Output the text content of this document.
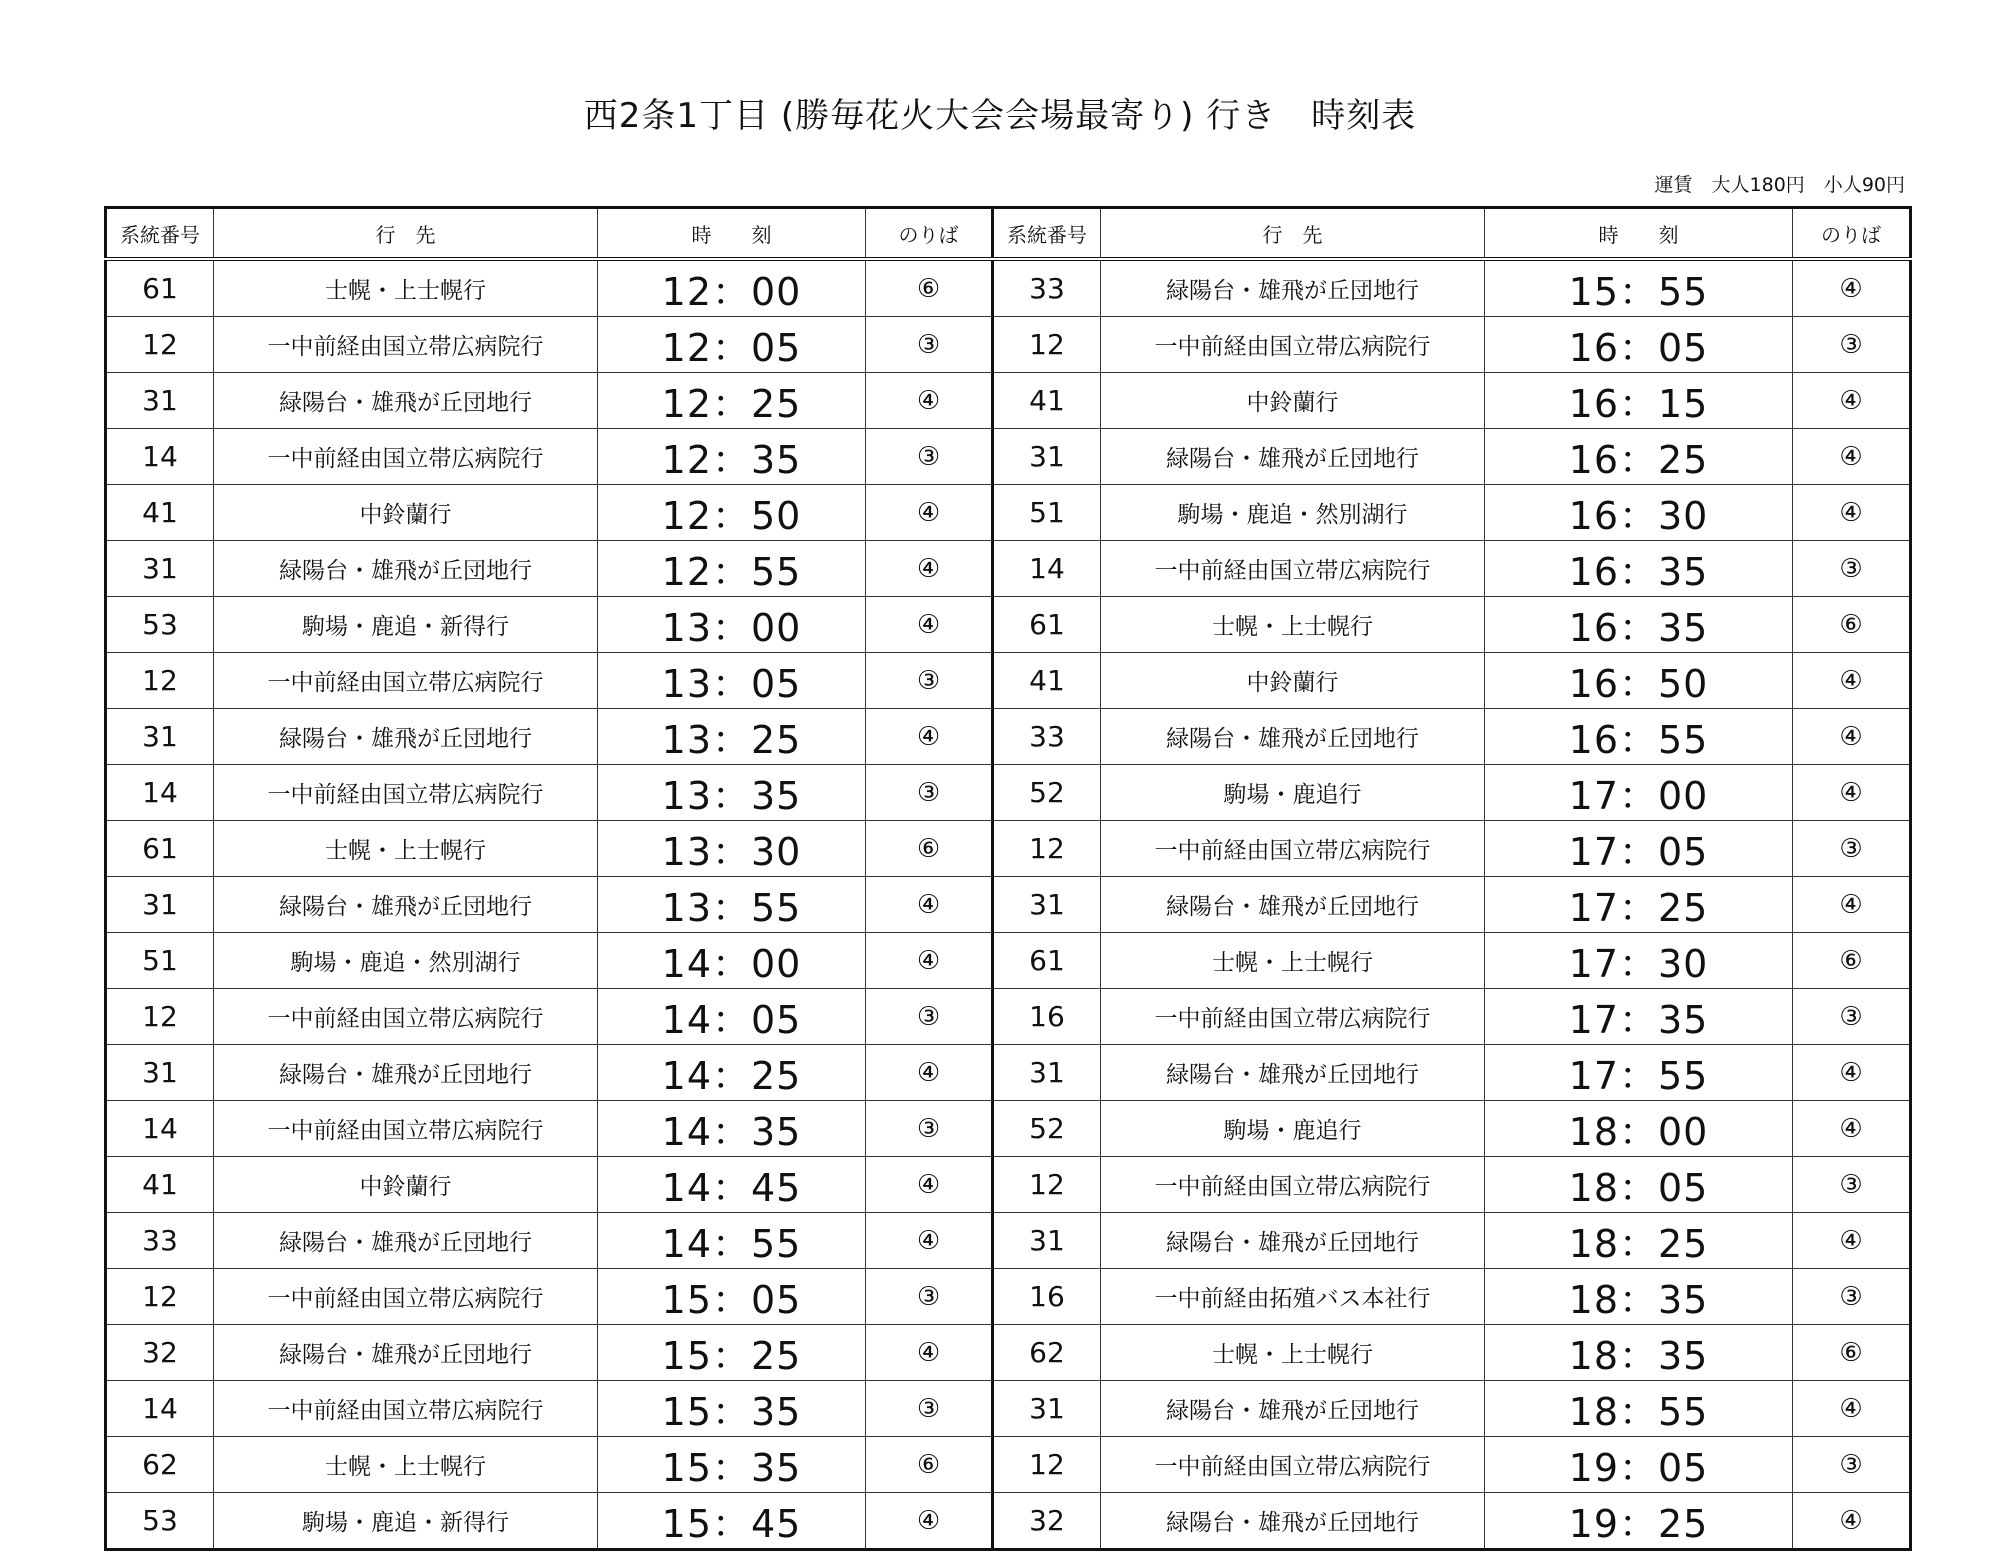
西2条1丁目 (勝毎花火大会会場最寄り) 行き　時刻表
運賃　大人180円　小人90円
系統番号	行　先	時　　刻	のりば	系統番号	行　先	時　　刻	のりば
61	士幌・上士幌行	12：00	⑥	33	緑陽台・雄飛が丘団地行	15：55	④
12	一中前経由国立帯広病院行	12：05	③	12	一中前経由国立帯広病院行	16：05	③
31	緑陽台・雄飛が丘団地行	12：25	④	41	中鈴蘭行	16：15	④
14	一中前経由国立帯広病院行	12：35	③	31	緑陽台・雄飛が丘団地行	16：25	④
41	中鈴蘭行	12：50	④	51	駒場・鹿追・然別湖行	16：30	④
31	緑陽台・雄飛が丘団地行	12：55	④	14	一中前経由国立帯広病院行	16：35	③
53	駒場・鹿追・新得行	13：00	④	61	士幌・上士幌行	16：35	⑥
12	一中前経由国立帯広病院行	13：05	③	41	中鈴蘭行	16：50	④
31	緑陽台・雄飛が丘団地行	13：25	④	33	緑陽台・雄飛が丘団地行	16：55	④
14	一中前経由国立帯広病院行	13：35	③	52	駒場・鹿追行	17：00	④
61	士幌・上士幌行	13：30	⑥	12	一中前経由国立帯広病院行	17：05	③
31	緑陽台・雄飛が丘団地行	13：55	④	31	緑陽台・雄飛が丘団地行	17：25	④
51	駒場・鹿追・然別湖行	14：00	④	61	士幌・上士幌行	17：30	⑥
12	一中前経由国立帯広病院行	14：05	③	16	一中前経由国立帯広病院行	17：35	③
31	緑陽台・雄飛が丘団地行	14：25	④	31	緑陽台・雄飛が丘団地行	17：55	④
14	一中前経由国立帯広病院行	14：35	③	52	駒場・鹿追行	18：00	④
41	中鈴蘭行	14：45	④	12	一中前経由国立帯広病院行	18：05	③
33	緑陽台・雄飛が丘団地行	14：55	④	31	緑陽台・雄飛が丘団地行	18：25	④
12	一中前経由国立帯広病院行	15：05	③	16	一中前経由拓殖バス本社行	18：35	③
32	緑陽台・雄飛が丘団地行	15：25	④	62	士幌・上士幌行	18：35	⑥
14	一中前経由国立帯広病院行	15：35	③	31	緑陽台・雄飛が丘団地行	18：55	④
62	士幌・上士幌行	15：35	⑥	12	一中前経由国立帯広病院行	19：05	③
53	駒場・鹿追・新得行	15：45	④	32	緑陽台・雄飛が丘団地行	19：25	④
